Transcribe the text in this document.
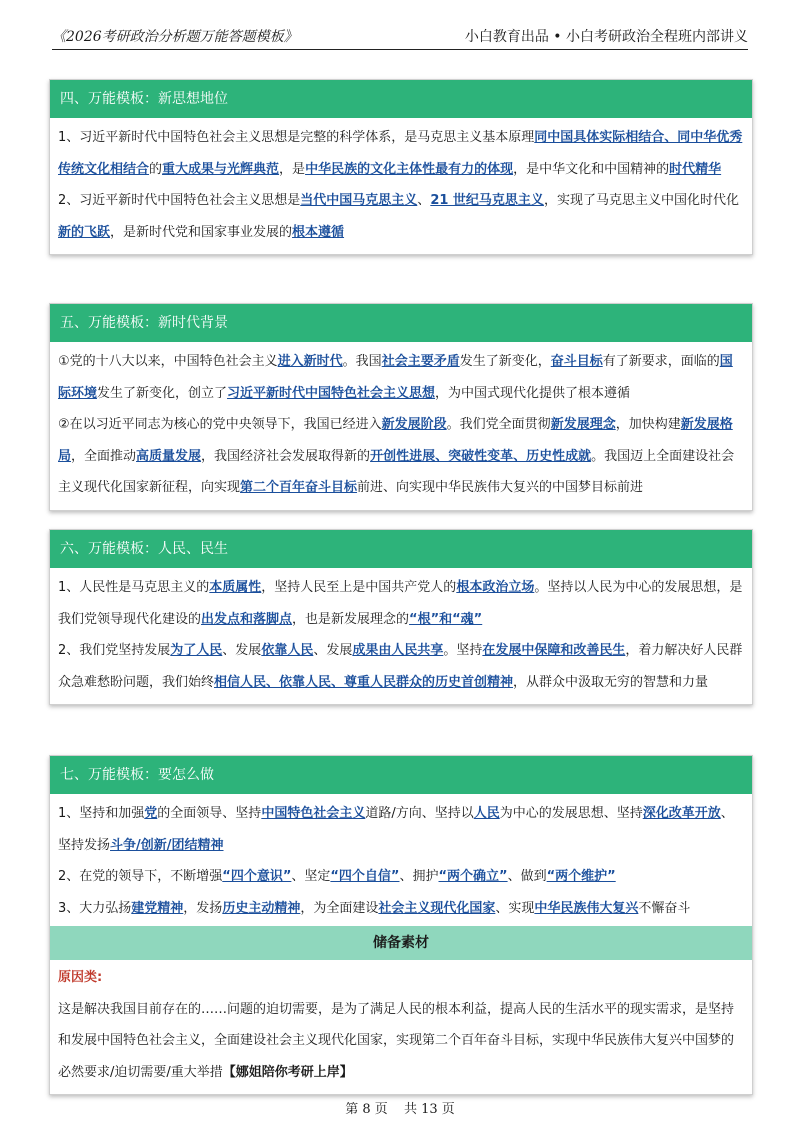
《2026考研政治分析题万能答题模板》	小白教育出品 • 小白考研政治全程班内部讲义
四、万能模板：新思想地位

1、习近平新时代中国特色社会主义思想是完整的科学体系，是马克思主义基本原理同中国具体实际相结合、同中华优秀传统文化相结合的重大成果与光辉典范，是中华民族的文化主体性最有力的体现，是中华文化和中国精神的时代精华

2、习近平新时代中国特色社会主义思想是当代中国马克思主义、21 世纪马克思主义，实现了马克思主义中国化时代化新的飞跃，是新时代党和国家事业发展的根本遵循

五、万能模板：新时代背景

①党的十八大以来，中国特色社会主义进入新时代。我国社会主要矛盾发生了新变化，奋斗目标有了新要求，面临的国际环境发生了新变化，创立了习近平新时代中国特色社会主义思想，为中国式现代化提供了根本遵循

②在以习近平同志为核心的党中央领导下，我国已经进入新发展阶段。我们党全面贯彻新发展理念，加快构建新发展格局，全面推动高质量发展，我国经济社会发展取得新的开创性进展、突破性变革、历史性成就。我国迈上全面建设社会主义现代化国家新征程，向实现第二个百年奋斗目标前进、向实现中华民族伟大复兴的中国梦目标前进

六、万能模板：人民、民生

1、人民性是马克思主义的本质属性，坚持人民至上是中国共产党人的根本政治立场。坚持以人民为中心的发展思想，是我们党领导现代化建设的出发点和落脚点，也是新发展理念的“根”和“魂”

2、我们党坚持发展为了人民、发展依靠人民、发展成果由人民共享。坚持在发展中保障和改善民生，着力解决好人民群众急难愁盼问题，我们始终相信人民、依靠人民、尊重人民群众的历史首创精神，从群众中汲取无穷的智慧和力量

七、万能模板：要怎么做

1、坚持和加强党的全面领导、坚持中国特色社会主义道路/方向、坚持以人民为中心的发展思想、坚持深化改革开放、坚持发扬斗争/创新/团结精神

2、在党的领导下，不断增强“四个意识”、坚定“四个自信”、拥护“两个确立”、做到“两个维护”

3、大力弘扬建党精神，发扬历史主动精神，为全面建设社会主义现代化国家、实现中华民族伟大复兴不懈奋斗

储备素材

原因类:

这是解决我国目前存在的……问题的迫切需要，是为了满足人民的根本利益，提高人民的生活水平的现实需求，是坚持和发展中国特色社会主义，全面建设社会主义现代化国家，实现第二个百年奋斗目标，实现中华民族伟大复兴中国梦的必然要求/迫切需要/重大举措【娜姐陪你考研上岸】

第 8 页 共 13 页
